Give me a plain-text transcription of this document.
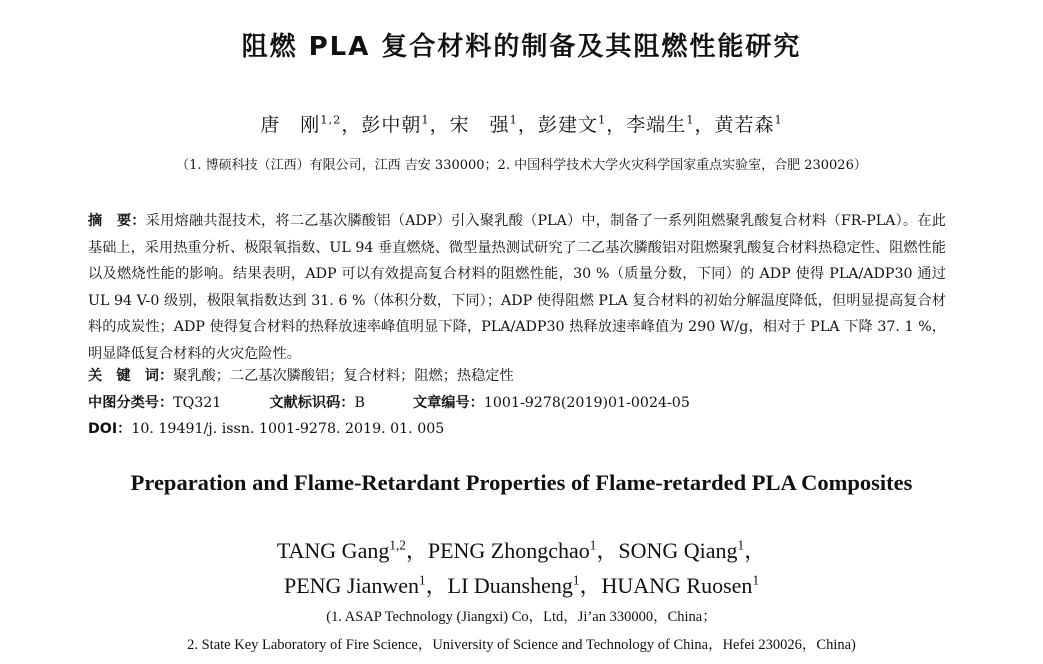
阻燃 PLA 复合材料的制备及其阻燃性能研究
唐　刚$^{1,2}$，彭中朝$^1$，宋　强$^1$，彭建文$^1$，李端生$^1$，黄若森$^1$
（1. 博硕科技（江西）有限公司，江西 吉安 330000；2. 中国科学技术大学火灾科学国家重点实验室，合肥 230026）
摘　要：采用熔融共混技术，将二乙基次膦酸铝（ADP）引入聚乳酸（PLA）中，制备了一系列阻燃聚乳酸复合材料（FR-PLA）。在此基础上，采用热重分析、极限氧指数、UL 94 垂直燃烧、微型量热测试研究了二乙基次膦酸铝对阻燃聚乳酸复合材料热稳定性、阻燃性能以及燃烧性能的影响。结果表明，ADP 可以有效提高复合材料的阻燃性能，30 %（质量分数，下同）的 ADP 使得 PLA/ADP30 通过 UL 94 V-0 级别，极限氧指数达到 31. 6 %（体积分数，下同）；ADP 使得阻燃 PLA 复合材料的初始分解温度降低，但明显提高复合材料的成炭性；ADP 使得复合材料的热释放速率峰值明显下降，PLA/ADP30 热释放速率峰值为 290 W/g，相对于 PLA 下降 37. 1 %，明显降低复合材料的火灾危险性。
关　键　词：聚乳酸；二乙基次膦酸铝；复合材料；阻燃；热稳定性
中图分类号：TQ321	文献标识码：B	文章编号：1001-9278(2019)01-0024-05
DOI：10. 19491/j. issn. 1001-9278. 2019. 01. 005
Preparation and Flame-Retardant Properties of Flame-retarded PLA Composites
TANG Gang$^{1,2}$，PENG Zhongchao$^1$，SONG Qiang$^1$，
PENG Jianwen$^1$，LI Duansheng$^1$，HUANG Ruosen$^1$
(1. ASAP Technology (Jiangxi) Co，Ltd，Ji’an 330000，China；
2. State Key Laboratory of Fire Science，University of Science and Technology of China，Hefei 230026，China)
